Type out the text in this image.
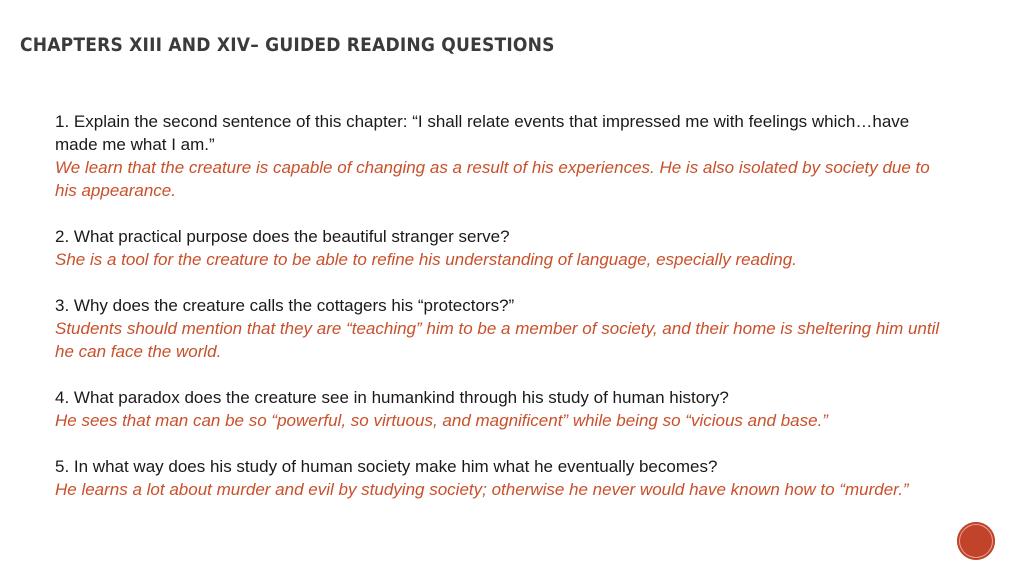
CHAPTERS XIII AND XIV– GUIDED READING QUESTIONS

1. Explain the second sentence of this chapter: “I shall relate events that impressed me with feelings which…have made me what I am.”

We learn that the creature is capable of changing as a result of his experiences. He is also isolated by society due to his appearance.

2. What practical purpose does the beautiful stranger serve?

She is a tool for the creature to be able to refine his understanding of language, especially reading.

3. Why does the creature calls the cottagers his “protectors?”

Students should mention that they are “teaching” him to be a member of society, and their home is sheltering him until he can face the world.

4. What paradox does the creature see in humankind through his study of human history?

He sees that man can be so “powerful, so virtuous, and magnificent” while being so “vicious and base.”

5. In what way does his study of human society make him what he eventually becomes?

He learns a lot about murder and evil by studying society; otherwise he never would have known how to “murder.”
